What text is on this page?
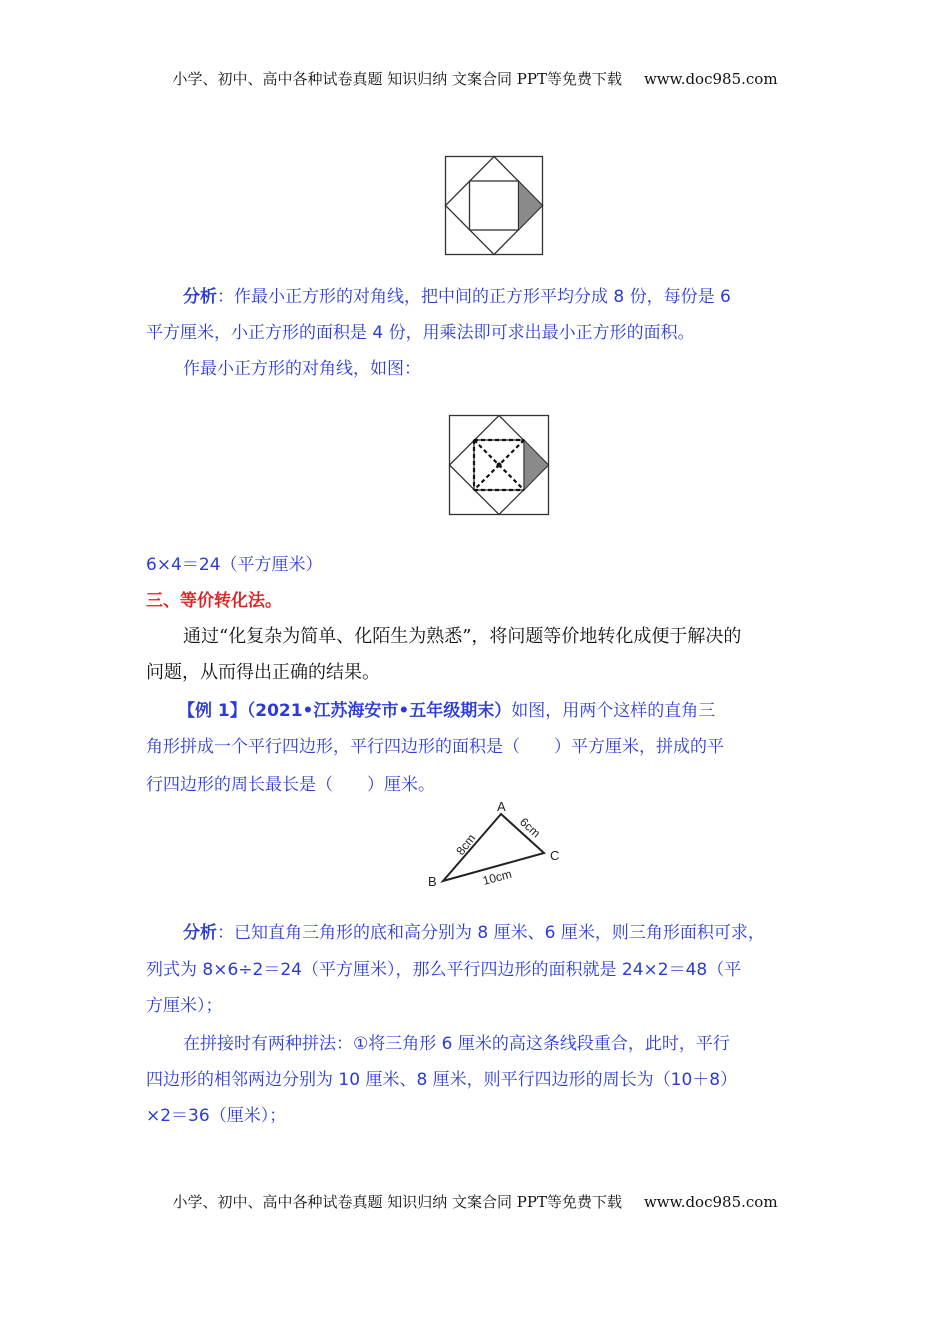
小学、初中、高中各种试卷真题 知识归纳 文案合同 PPT等免费下载 www.doc985.com
分析：作最小正方形的对角线，把中间的正方形平均分成 8 份，每份是 6
平方厘米，小正方形的面积是 4 份，用乘法即可求出最小正方形的面积。
作最小正方形的对角线，如图：
6×4＝24（平方厘米）
三、等价转化法。
通过“化复杂为简单、化陌生为熟悉”，将问题等价地转化成便于解决的
问题，从而得出正确的结果。
【例 1】（2021•江苏海安市•五年级期末）如图，用两个这样的直角三
角形拼成一个平行四边形，平行四边形的面积是（　　）平方厘米，拼成的平
行四边形的周长最长是（　　）厘米。
A
B
C
8cm
6cm
10cm
分析：已知直角三角形的底和高分别为 8 厘米、6 厘米，则三角形面积可求，
列式为 8×6÷2＝24（平方厘米），那么平行四边形的面积就是 24×2＝48（平
方厘米）；
在拼接时有两种拼法：①将三角形 6 厘米的高这条线段重合，此时，平行
四边形的相邻两边分别为 10 厘米、8 厘米，则平行四边形的周长为（10＋8）
×2＝36（厘米）；
小学、初中、高中各种试卷真题 知识归纳 文案合同 PPT等免费下载 www.doc985.com
